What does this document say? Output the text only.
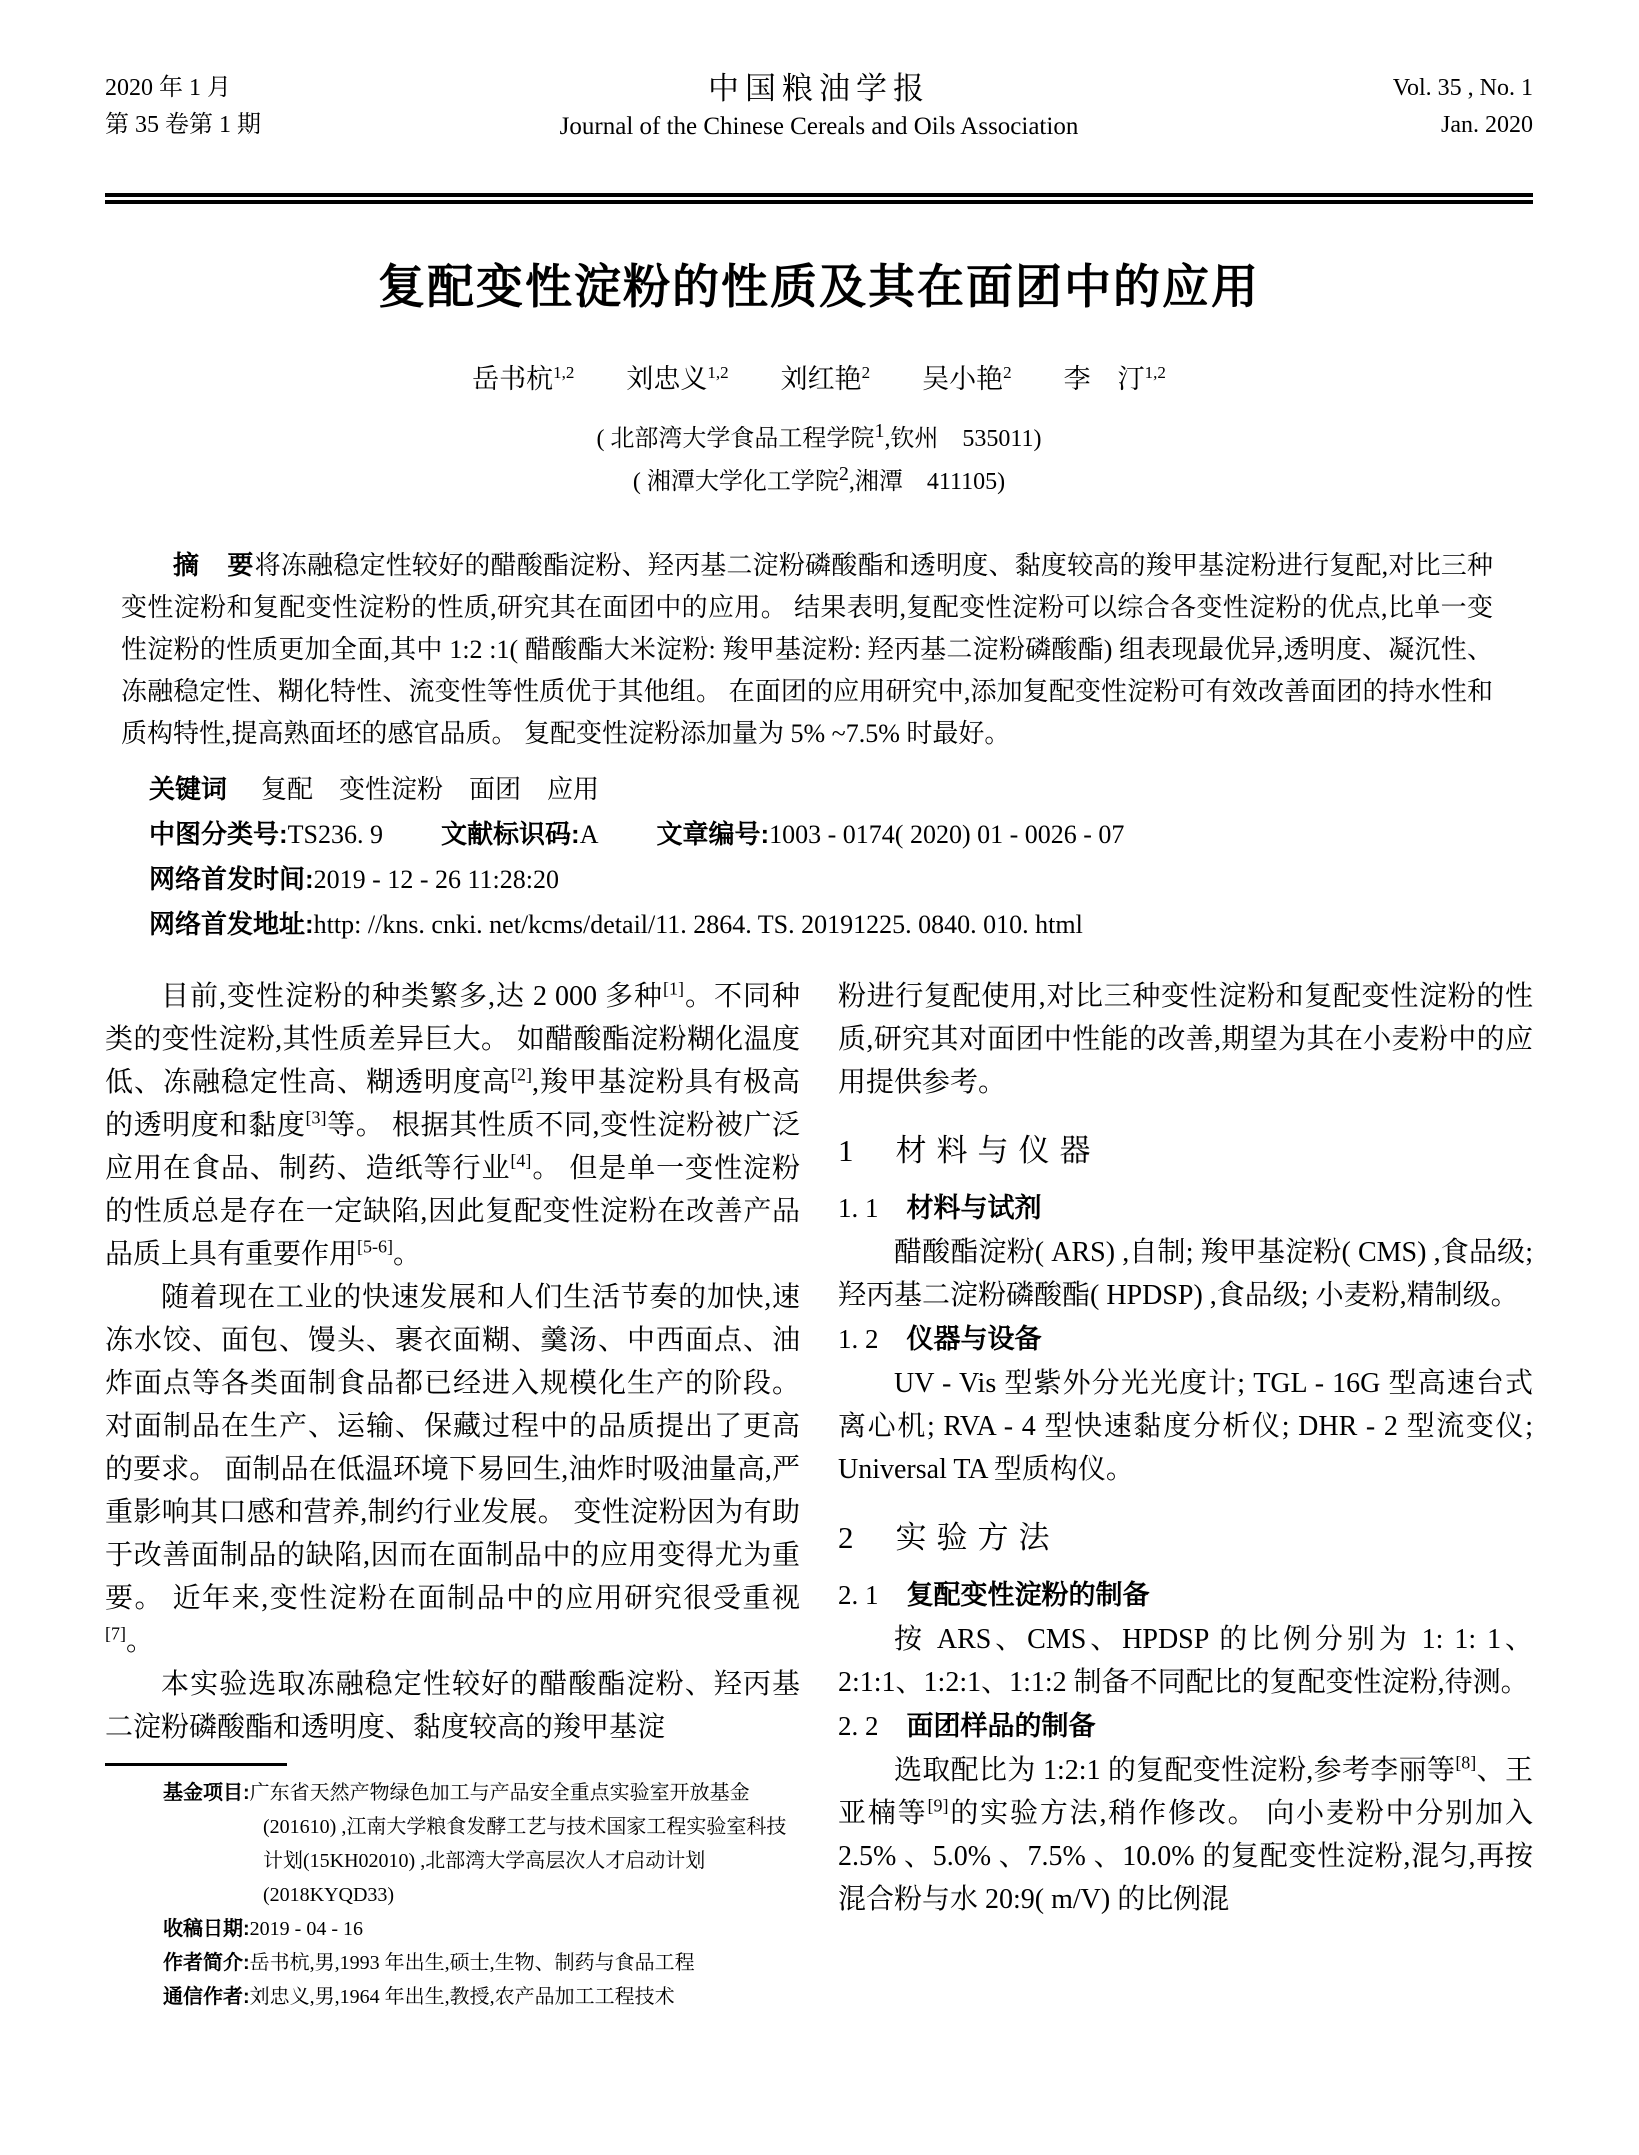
2020 年 1 月
第 35 卷第 1 期
中国粮油学报
Journal of the Chinese Cereals and Oils Association
Vol. 35 , No. 1
Jan. 2020
复配变性淀粉的性质及其在面团中的应用
岳书杭$^{1,2}$ 刘忠义$^{1,2}$ 刘红艳$^2$ 吴小艳$^2$ 李　汀$^{1,2}$
( 北部湾大学食品工程学院$^1$,钦州　535011)
( 湘潭大学化工学院$^2$,湘潭　411105)

摘　要将冻融稳定性较好的醋酸酯淀粉、羟丙基二淀粉磷酸酯和透明度、黏度较高的羧甲基淀粉进行复配,对比三种变性淀粉和复配变性淀粉的性质,研究其在面团中的应用。 结果表明,复配变性淀粉可以综合各变性淀粉的优点,比单一变性淀粉的性质更加全面,其中 1:2 :1( 醋酸酯大米淀粉: 羧甲基淀粉: 羟丙基二淀粉磷酸酯) 组表现最优异,透明度、凝沉性、冻融稳定性、糊化特性、流变性等性质优于其他组。 在面团的应用研究中,添加复配变性淀粉可有效改善面团的持水性和质构特性,提高熟面坯的感官品质。 复配变性淀粉添加量为 5% ~7.5% 时最好。

关键词 复配　变性淀粉　面团　应用
中图分类号:TS236. 9 文献标识码:A 文章编号:1003 - 0174( 2020) 01 - 0026 - 07
网络首发时间:2019 - 12 - 26 11:28:20
网络首发地址:http: //kns. cnki. net/kcms/detail/11. 2864. TS. 20191225. 0840. 010. html

目前,变性淀粉的种类繁多,达 2 000 多种[1]。不同种类的变性淀粉,其性质差异巨大。 如醋酸酯淀粉糊化温度低、冻融稳定性高、糊透明度高[2],羧甲基淀粉具有极高的透明度和黏度[3]等。 根据其性质不同,变性淀粉被广泛应用在食品、制药、造纸等行业[4]。 但是单一变性淀粉的性质总是存在一定缺陷,因此复配变性淀粉在改善产品品质上具有重要作用[5-6]。

随着现在工业的快速发展和人们生活节奏的加快,速冻水饺、面包、馒头、裹衣面糊、羹汤、中西面点、油炸面点等各类面制食品都已经进入规模化生产的阶段。 对面制品在生产、运输、保藏过程中的品质提出了更高的要求。 面制品在低温环境下易回生,油炸时吸油量高,严重影响其口感和营养,制约行业发展。 变性淀粉因为有助于改善面制品的缺陷,因而在面制品中的应用变得尤为重要。 近年来,变性淀粉在面制品中的应用研究很受重视[7]。

本实验选取冻融稳定性较好的醋酸酯淀粉、羟丙基二淀粉磷酸酯和透明度、黏度较高的羧甲基淀

基金项目:广东省天然产物绿色加工与产品安全重点实验室开放基金(201610) ,江南大学粮食发酵工艺与技术国家工程实验室科技计划(15KH02010) ,北部湾大学高层次人才启动计划(2018KYQD33)
收稿日期:2019 - 04 - 16
作者简介:岳书杭,男,1993 年出生,硕士,生物、制药与食品工程
通信作者:刘忠义,男,1964 年出生,教授,农产品加工工程技术

粉进行复配使用,对比三种变性淀粉和复配变性淀粉的性质,研究其对面团中性能的改善,期望为其在小麦粉中的应用提供参考。

1 材料与仪器
1. 1 材料与试剂

醋酸酯淀粉( ARS) ,自制; 羧甲基淀粉( CMS) ,食品级;羟丙基二淀粉磷酸酯( HPDSP) ,食品级; 小麦粉,精制级。

1. 2 仪器与设备

UV - Vis 型紫外分光光度计; TGL - 16G 型高速台式离心机; RVA - 4 型快速黏度分析仪; DHR - 2 型流变仪; Universal TA 型质构仪。

2 实验方法
2. 1 复配变性淀粉的制备

按 ARS、CMS、HPDSP 的比例分别为 1: 1: 1、2:1:1、1:2:1、1:1:2 制备不同配比的复配变性淀粉,待测。

2. 2 面团样品的制备

选取配比为 1:2:1 的复配变性淀粉,参考李丽等[8]、王亚楠等[9]的实验方法,稍作修改。 向小麦粉中分别加入 2.5% 、5.0% 、7.5% 、10.0% 的复配变性淀粉,混匀,再按混合粉与水 20:9( m/V) 的比例混
